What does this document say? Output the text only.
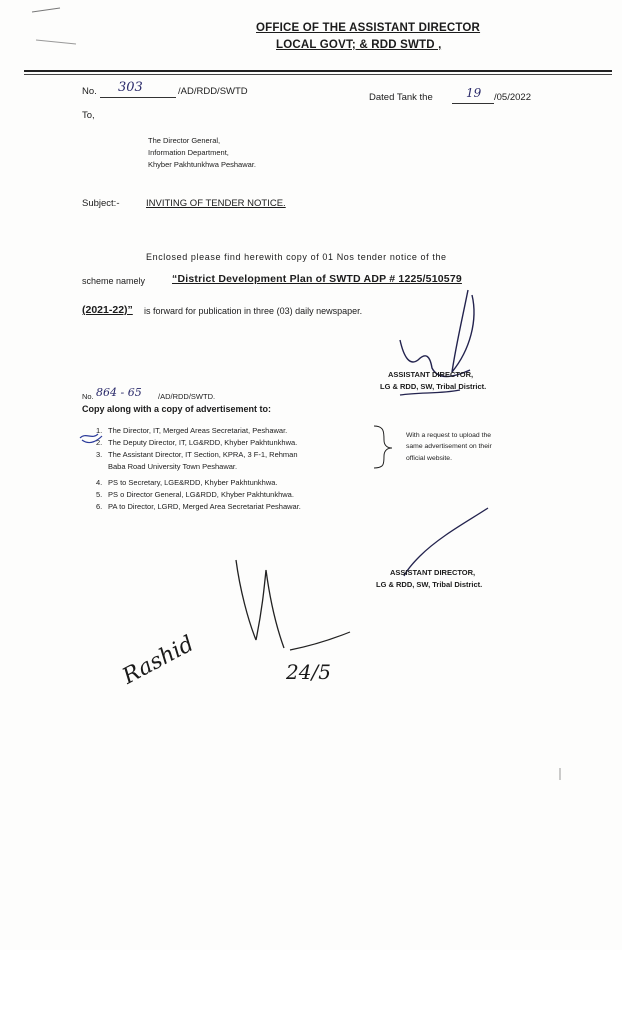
OFFICE OF THE ASSISTANT DIRECTOR
LOCAL GOVT; & RDD SWTD ,
No. 303	/AD/RDD/SWTD
Dated Tank the	19 /05/2022
To,
The Director General,
Information Department,
Khyber Pakhtunkhwa Peshawar.
Subject:-	INVITING OF TENDER NOTICE.
Enclosed please find herewith copy of 01 Nos tender notice of the
scheme namely	“District Development Plan of SWTD ADP # 1225/510579
(2021-22)” is forward for publication in three (03) daily newspaper.
ASSISTANT DIRECTOR,
LG & RDD, SW, Tribal District.
No. 864 - 65 /AD/RDD/SWTD.
Copy along with a copy of advertisement to:
1. The Director, IT, Merged Areas Secretariat, Peshawar.
2. The Deputy Director, IT, LG&RDD, Khyber Pakhtunkhwa.
3. The Assistant Director, IT Section, KPRA, 3 F-1, Rehman
Baba Road University Town Peshawar.
4. PS to Secretary, LGE&RDD, Khyber Pakhtunkhwa.
5. PS o Director General, LG&RDD, Khyber Pakhtunkhwa.
6. PA to Director, LGRD, Merged Area Secretariat Peshawar.
With a request to upload the
same advertisement on their
official website.
ASSISTANT DIRECTOR,
LG & RDD, SW, Tribal District.
Rashid	24/5
